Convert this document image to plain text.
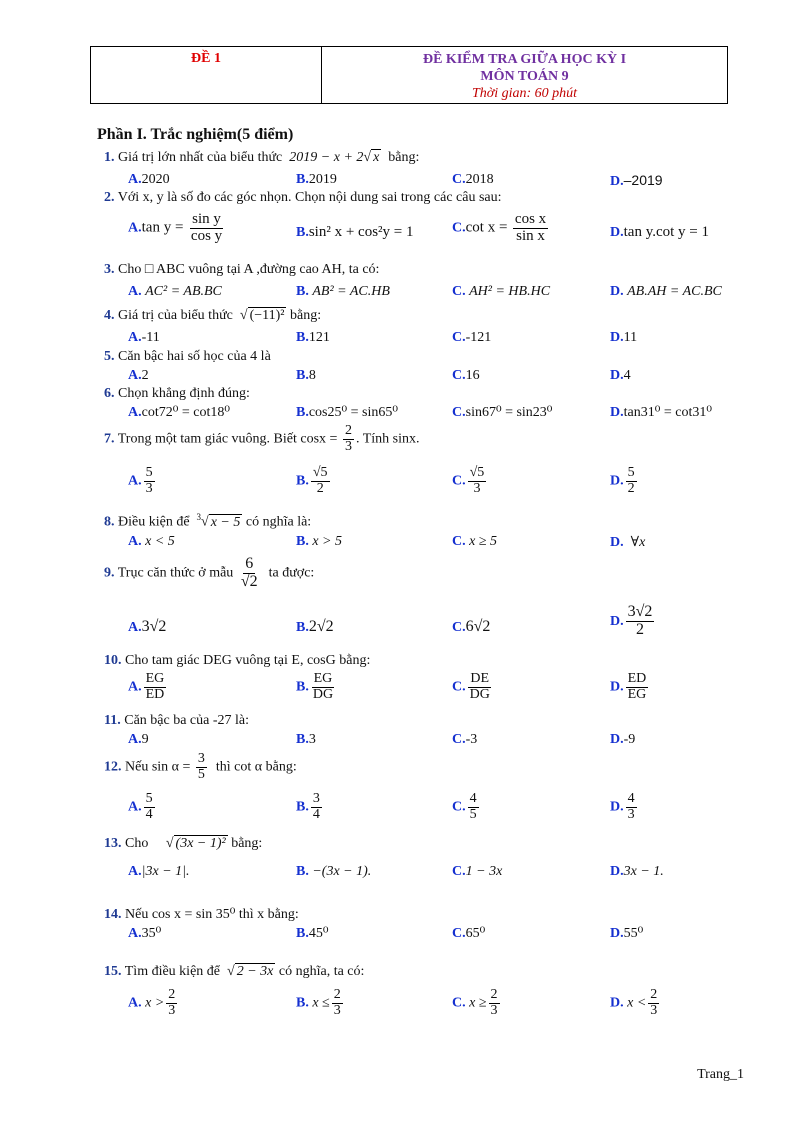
ĐỀ 1	ĐỀ KIỂM TRA GIỮA HỌC KỲ I
MÔN TOÁN 9
Thời gian: 60 phút
Phần I. Trắc nghiệm(5 điểm)
1. Giá trị lớn nhất của biểu thức 2019 − x + 2√ x bằng:
A.2020	B.2019	C.2018	D.–2019
2. Với x, y là số đo các góc nhọn. Chọn nội dung sai trong các câu sau:
A.tan $y = \frac{\text{sin y}}{\text{cos y}}$	B.sin² x + cos²y = 1	C.cot $x = \frac{\text{cos x}}{\text{sin x}}$	D.tan y.cot y = 1
3. Cho □ ABC vuông tại A ,đường cao AH, ta có:
A. AC² = AB.BC	B. AB² = AC.HB	C. AH² = HB.HC	D. AB.AH = AC.BC
4. Giá trị của biểu thức √ (−11)² bằng:
A.-11	B.121	C.-121	D.11
5. Căn bậc hai số học của 4 là
A.2	B.8	C.16	D.4
6. Chọn khẳng định đúng:
A.cot72⁰ = cot18⁰	B.cos25⁰ = sin65⁰	C.sin67⁰ = sin23⁰	D.tan31⁰ = cot31⁰
7. Trong một tam giác vuông. Biết $\cos x = \frac{2}{3}$ . Tính sinx.
A. $\frac{5}{3}$	B. $\frac{√5}{2}$	C. $\frac{√5}{3}$	D. $\frac{5}{2}$
8. Điều kiện để $^3$√ x − 5 có nghĩa là:
A. x < 5	B. x > 5	C. x ≥ 5	D. ∀x
9. Trục căn thức ở mẫu $\frac{6}{√2}$ ta được:
A.3√2	B.2√2	C.6√2	D. $\frac{3√2}{2}$
10. Cho tam giác DEG vuông tại E, cosG bằng:
A. $\frac{EG}{ED}$	B. $\frac{EG}{DG}$	C. $\frac{DE}{DG}$	D. $\frac{ED}{EG}$
11. Căn bậc ba của -27 là:
A.9	B.3	C.-3	D.-9
12. Nếu $\sin \alpha = \frac{3}{5}$ thì cot α bằng:
A. $\frac{5}{4}$	B. $\frac{3}{4}$	C. $\frac{4}{5}$	D. $\frac{4}{3}$
13. Cho √ (3x − 1)² bằng:
A.|3x − 1|.	B. −(3x − 1).	C.1 − 3x	D.3x − 1.
14. Nếu cos x = sin 35⁰ thì x bằng:
A.35⁰	B.45⁰	C.65⁰	D.55⁰
15. Tìm điều kiện để √ 2 − 3x có nghĩa, ta có:
A. $x > \frac{2}{3}$	B. $x \le \frac{2}{3}$	C. $x \ge \frac{2}{3}$	D. $x < \frac{2}{3}$
Trang_1
